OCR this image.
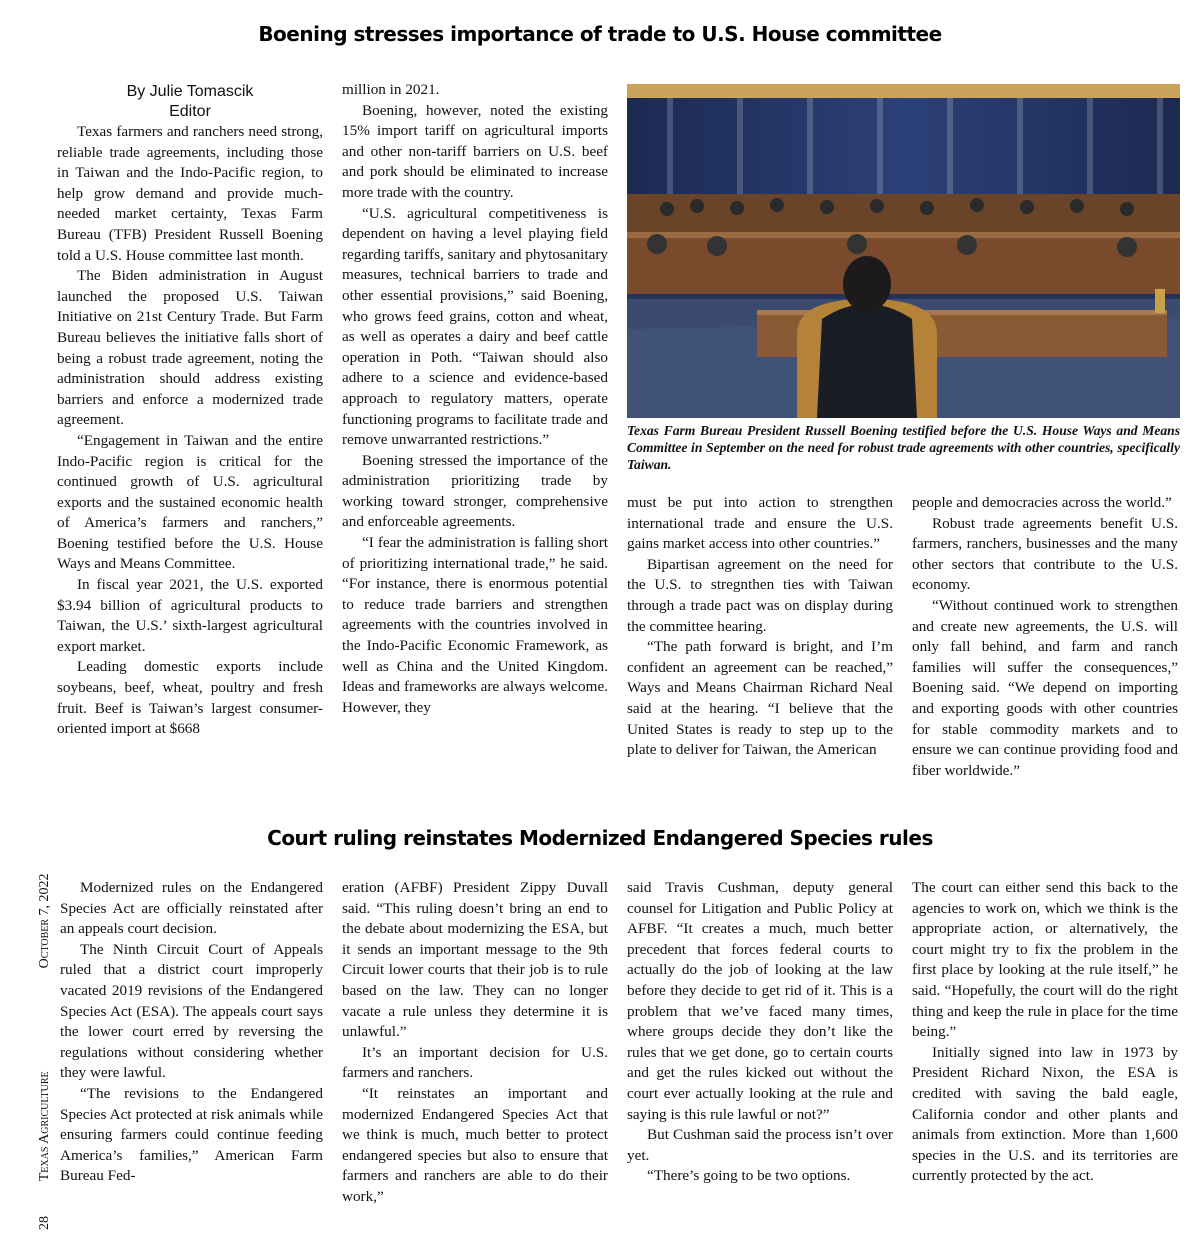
Boening stresses importance of trade to U.S. House committee
By Julie Tomascik
Editor

Texas farmers and ranchers need strong, reliable trade agreements, including those in Taiwan and the Indo-Pacific region, to help grow demand and provide much-needed market certainty, Texas Farm Bureau (TFB) President Russell Boening told a U.S. House committee last month.

The Biden administration in August launched the proposed U.S. Taiwan Initiative on 21st Century Trade. But Farm Bureau believes the initiative falls short of being a robust trade agreement, noting the administration should address existing barriers and enforce a modernized trade agreement.

“Engagement in Taiwan and the entire Indo-Pacific region is critical for the continued growth of U.S. agricultural exports and the sustained economic health of America’s farmers and ranchers,” Boening testified before the U.S. House Ways and Means Committee.

In fiscal year 2021, the U.S. exported $3.94 billion of agricultural products to Taiwan, the U.S.’ sixth-largest agricultural export market.

Leading domestic exports include soybeans, beef, wheat, poultry and fresh fruit. Beef is Taiwan’s largest consumer-oriented import at $668

million in 2021.

Boening, however, noted the existing 15% import tariff on agricultural imports and other non-tariff barriers on U.S. beef and pork should be eliminated to increase more trade with the country.

“U.S. agricultural competitiveness is dependent on having a level playing field regarding tariffs, sanitary and phytosanitary measures, technical barriers to trade and other essential provisions,” said Boening, who grows feed grains, cotton and wheat, as well as operates a dairy and beef cattle operation in Poth. “Taiwan should also adhere to a science and evidence-based approach to regulatory matters, operate functioning programs to facilitate trade and remove unwarranted restrictions.”

Boening stressed the importance of the administration prioritizing trade by working toward stronger, comprehensive and enforceable agreements.

“I fear the administration is falling short of prioritizing international trade,” he said. “For instance, there is enormous potential to reduce trade barriers and strengthen agreements with the countries involved in the Indo-Pacific Economic Framework, as well as China and the United Kingdom. Ideas and frameworks are always welcome. However, they

Texas Farm Bureau President Russell Boening testified before the U.S. House Ways and Means Committee in September on the need for robust trade agreements with other countries, specifically Taiwan.

must be put into action to strengthen international trade and ensure the U.S. gains market access into other countries.”

Bipartisan agreement on the need for the U.S. to stregnthen ties with Taiwan through a trade pact was on display during the committee hearing.

“The path forward is bright, and I’m confident an agreement can be reached,” Ways and Means Chairman Richard Neal said at the hearing. “I believe that the United States is ready to step up to the plate to deliver for Taiwan, the American

people and democracies across the world.”

Robust trade agreements benefit U.S. farmers, ranchers, businesses and the many other sectors that contribute to the U.S. economy.

“Without continued work to strengthen and create new agreements, the U.S. will only fall behind, and farm and ranch families will suffer the consequences,” Boening said. “We depend on importing and exporting goods with other countries for stable commodity markets and to ensure we can continue providing food and fiber worldwide.”

Court ruling reinstates Modernized Endangered Species rules

Modernized rules on the Endangered Species Act are officially reinstated after an appeals court decision.

The Ninth Circuit Court of Appeals ruled that a district court improperly vacated 2019 revisions of the Endangered Species Act (ESA). The appeals court says the lower court erred by reversing the regulations without considering whether they were lawful.

“The revisions to the Endangered Species Act protected at risk animals while ensuring farmers could continue feeding America’s families,” American Farm Bureau Fed-

eration (AFBF) President Zippy Duvall said. “This ruling doesn’t bring an end to the debate about modernizing the ESA, but it sends an important message to the 9th Circuit lower courts that their job is to rule based on the law. They can no longer vacate a rule unless they determine it is unlawful.”

It’s an important decision for U.S. farmers and ranchers.

“It reinstates an important and modernized Endangered Species Act that we think is much, much better to protect endangered species but also to ensure that farmers and ranchers are able to do their work,”

said Travis Cushman, deputy general counsel for Litigation and Public Policy at AFBF. “It creates a much, much better precedent that forces federal courts to actually do the job of looking at the law before they decide to get rid of it. This is a problem that we’ve faced many times, where groups decide they don’t like the rules that we get done, go to certain courts and get the rules kicked out without the court ever actually looking at the rule and saying is this rule lawful or not?”

But Cushman said the process isn’t over yet.

“There’s going to be two options.

The court can either send this back to the agencies to work on, which we think is the appropriate action, or alternatively, the court might try to fix the problem in the first place by looking at the rule itself,” he said. “Hopefully, the court will do the right thing and keep the rule in place for the time being.”

Initially signed into law in 1973 by President Richard Nixon, the ESA is credited with saving the bald eagle, California condor and other plants and animals from extinction. More than 1,600 species in the U.S. and its territories are currently protected by the act.

28  Texas Agriculture  October 7, 2022
